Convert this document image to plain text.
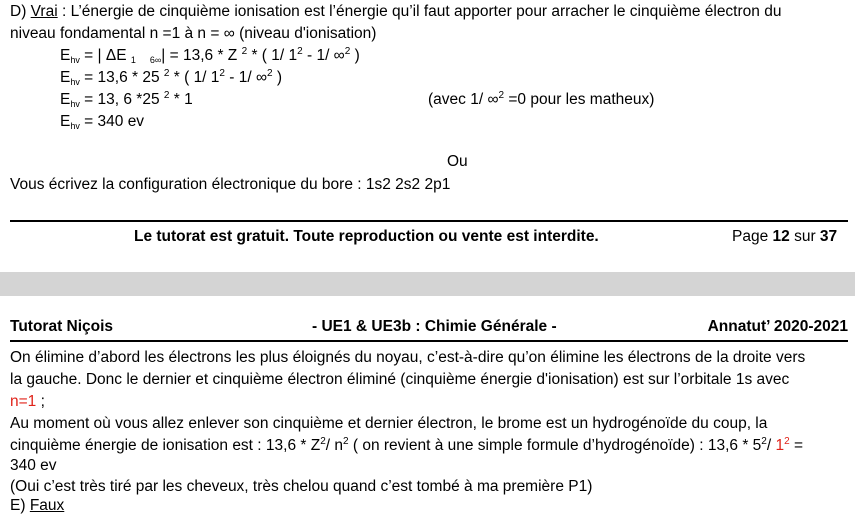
D) Vrai : L’énergie de cinquième ionisation est l’énergie qu’il faut apporter pour arracher le cinquième électron du
niveau fondamental n =1 à n = ∞ (niveau d'ionisation)
$E_{hv}$ = | ΔE $_1$ $_{6\infty}$| = 13,6 * Z $^2$ * ( 1/ $1^2 - 1/$ ∞$^2$ )
$E_{hv} = 13,6 * 25$ $^2$ * ( 1/ $1^2 - 1/$ ∞$^2$ )
$E_{hv} = 13$, 6 *25 $^2$ * 1	(avec 1/ ∞$^2$ =0 pour les matheux)
$E_{hv} = 340$ ev
Ou
Vous écrivez la configuration électronique du bore : 1s2 2s2 2p1
Le tutorat est gratuit. Toute reproduction ou vente est interdite.	Page 12 sur 37
Tutorat Niçois	- UE1 & UE3b : Chimie Générale -	Annatut’ 2020-2021
On élimine d’abord les électrons les plus éloignés du noyau, c’est-à-dire qu’on élimine les électrons de la droite vers
la gauche. Donc le dernier et cinquième électron éliminé (cinquième énergie d'ionisation) est sur l’orbitale 1s avec
n=1 ;
Au moment où vous allez enlever son cinquième et dernier électron, le brome est un hydrogénoïde du coup, la
cinquième énergie de ionisation est : $13,6 * Z^2/$ $n^2$ ( on revient à une simple formule d’hydrogénoïde) : $13,6 * 5^2/$ $1^2$ =
340 ev
(Oui c’est très tiré par les cheveux, très chelou quand c’est tombé à ma première P1)
E) Faux
